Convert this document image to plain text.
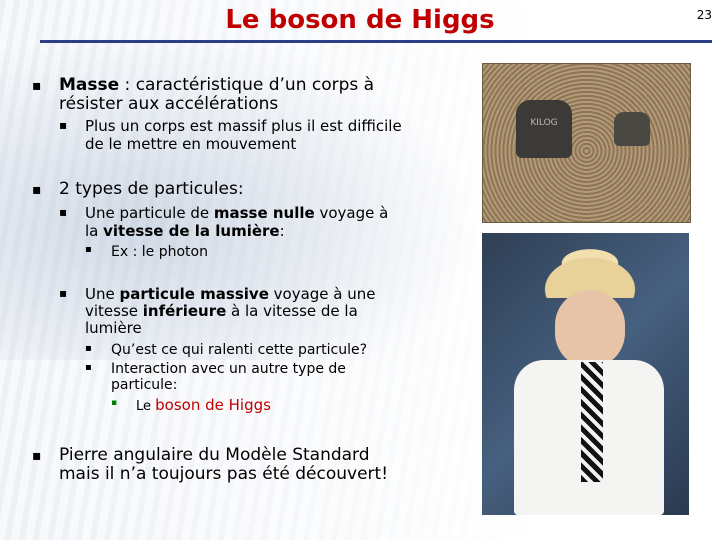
Le boson de Higgs	23
▪ Masse : caractéristique d’un corps à
résister aux accélérations
▪ Plus un corps est massif plus il est difficile
de le mettre en mouvement
▪ 2 types de particules:
▪ Une particule de masse nulle voyage à
la vitesse de la lumière:
▪ Ex : le photon
▪ Une particule massive voyage à une
vitesse inférieure à la vitesse de la
lumière
▪ Qu’est ce qui ralenti cette particule?
▪ Interaction avec un autre type de
particule:
▪ Le boson de Higgs
▪ Pierre angulaire du Modèle Standard
mais il n’a toujours pas été découvert!
KILOG
